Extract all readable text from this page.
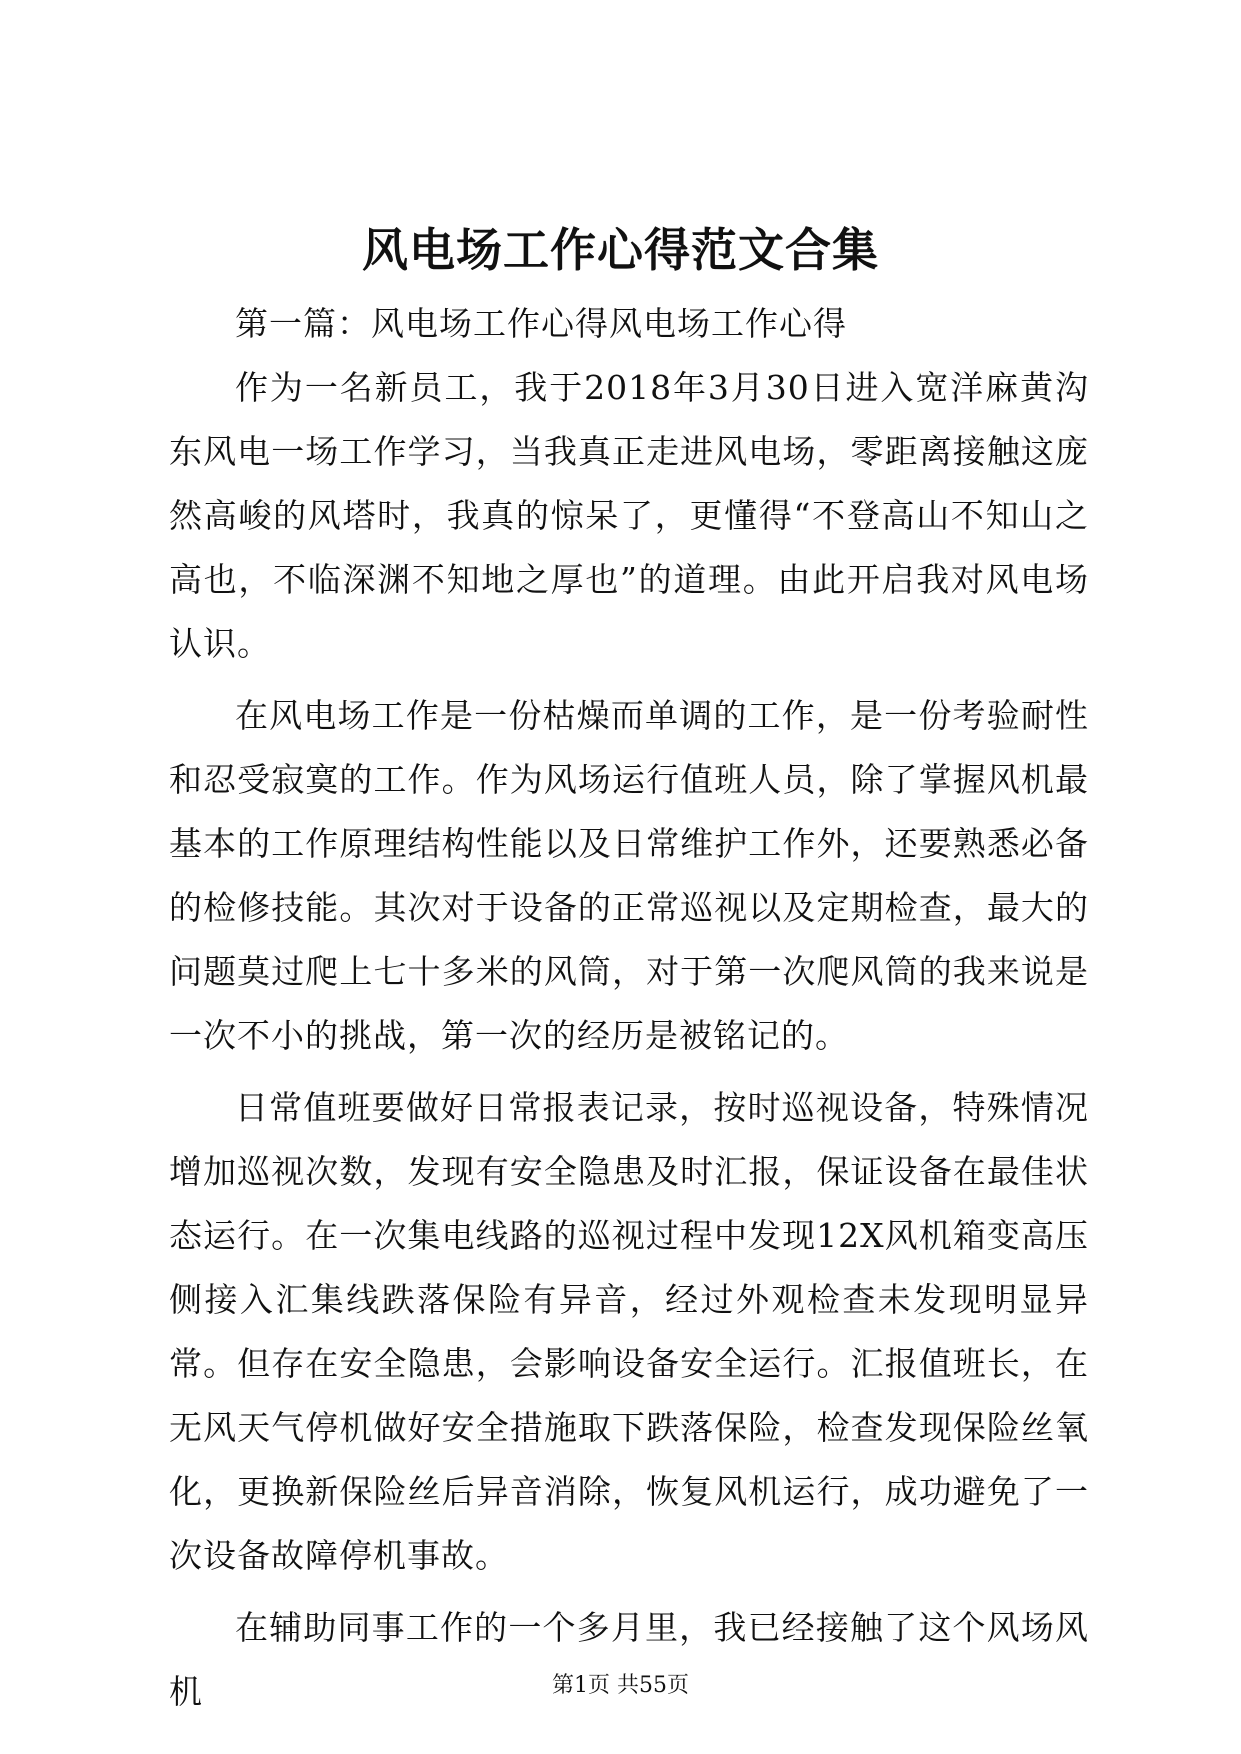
风电场工作心得范文合集

第一篇：风电场工作心得风电场工作心得

作为一名新员工，我于2018年3月30日进入宽洋麻黄沟东风电一场工作学习，当我真正走进风电场，零距离接触这庞然高峻的风塔时，我真的惊呆了，更懂得“不登高山不知山之高也，不临深渊不知地之厚也”的道理。由此开启我对风电场认识。

在风电场工作是一份枯燥而单调的工作，是一份考验耐性和忍受寂寞的工作。作为风场运行值班人员，除了掌握风机最基本的工作原理结构性能以及日常维护工作外，还要熟悉必备的检修技能。其次对于设备的正常巡视以及定期检查，最大的问题莫过爬上七十多米的风筒，对于第一次爬风筒的我来说是一次不小的挑战，第一次的经历是被铭记的。

日常值班要做好日常报表记录，按时巡视设备，特殊情况增加巡视次数，发现有安全隐患及时汇报，保证设备在最佳状态运行。在一次集电线路的巡视过程中发现12X风机箱变高压侧接入汇集线跌落保险有异音，经过外观检查未发现明显异常。但存在安全隐患，会影响设备安全运行。汇报值班长，在无风天气停机做好安全措施取下跌落保险，检查发现保险丝氧化，更换新保险丝后异音消除，恢复风机运行，成功避免了一次设备故障停机事故。

在辅助同事工作的一个多月里，我已经接触了这个风场风机	第1页 共55页
